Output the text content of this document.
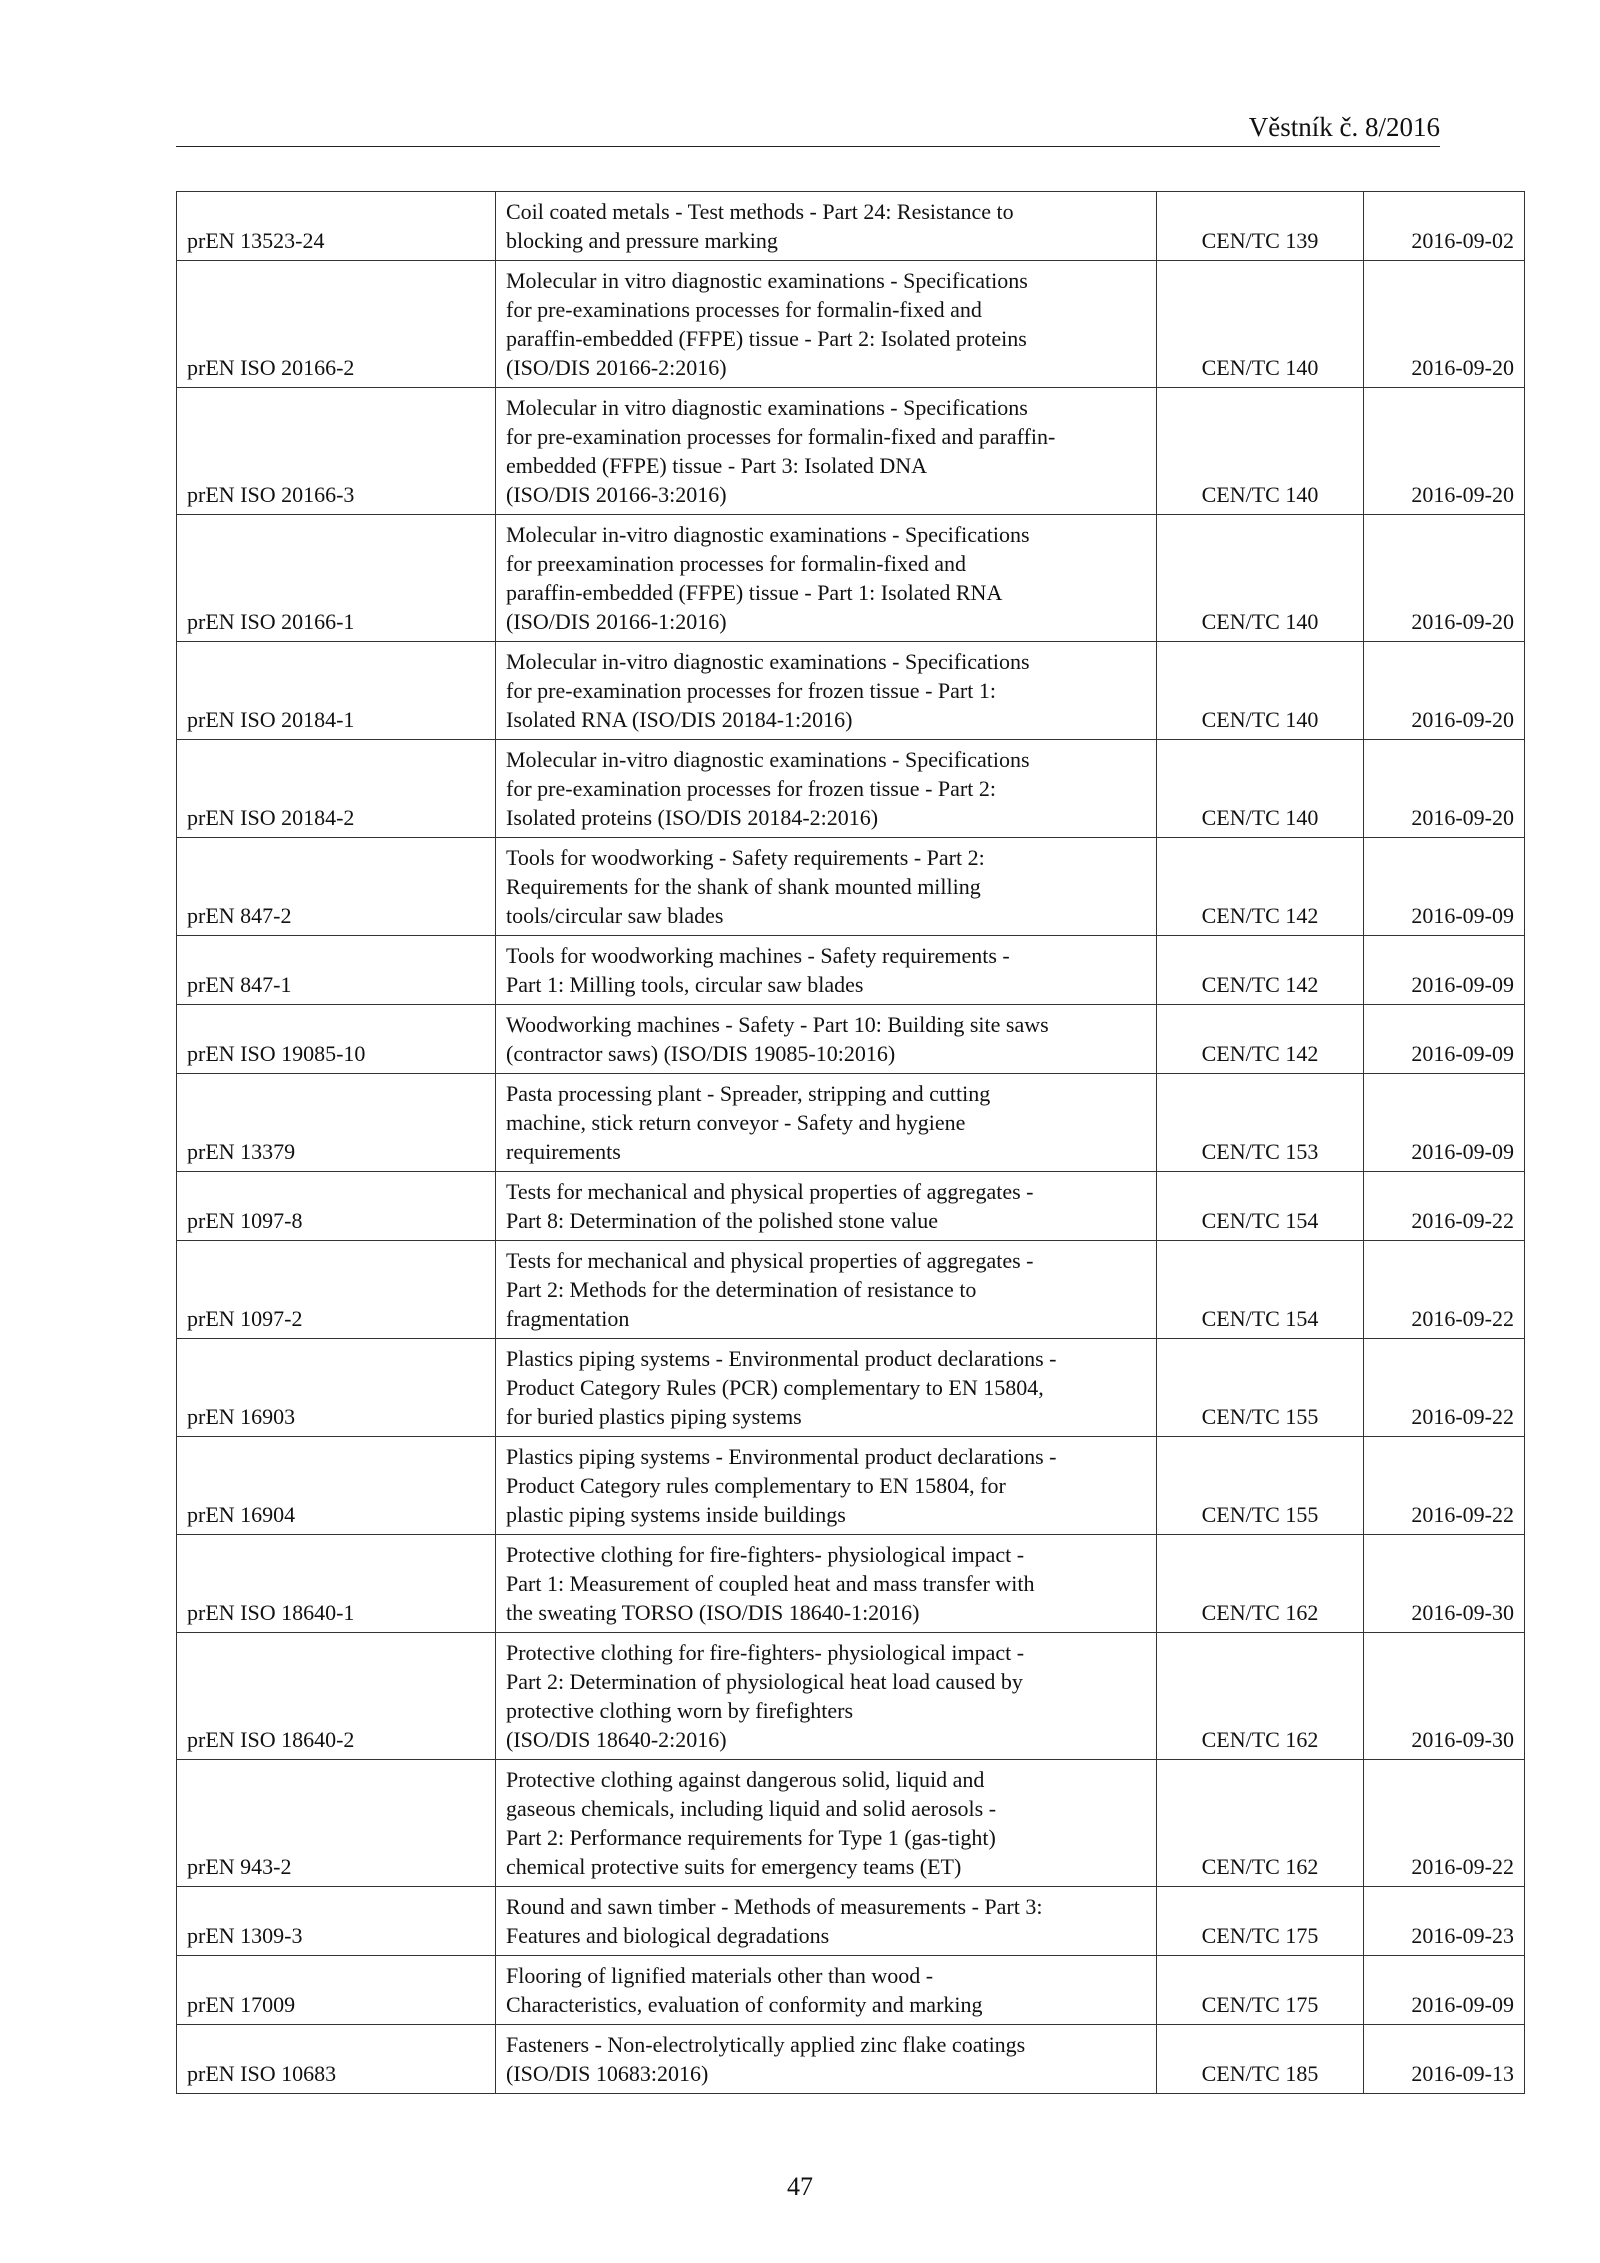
Věstník č. 8/2016
prEN 13523-24	Coil coated metals - Test methods - Part 24: Resistance to
blocking and pressure marking	CEN/TC 139	2016-09-02
prEN ISO 20166-2	Molecular in vitro diagnostic examinations - Specifications
for pre-examinations processes for formalin-fixed and
paraffin-embedded (FFPE) tissue - Part 2: Isolated proteins
(ISO/DIS 20166-2:2016)	CEN/TC 140	2016-09-20
prEN ISO 20166-3	Molecular in vitro diagnostic examinations - Specifications
for pre-examination processes for formalin-fixed and paraffin-
embedded (FFPE) tissue - Part 3: Isolated DNA
(ISO/DIS 20166-3:2016)	CEN/TC 140	2016-09-20
prEN ISO 20166-1	Molecular in-vitro diagnostic examinations - Specifications
for preexamination processes for formalin-fixed and
paraffin-embedded (FFPE) tissue - Part 1: Isolated RNA
(ISO/DIS 20166-1:2016)	CEN/TC 140	2016-09-20
prEN ISO 20184-1	Molecular in-vitro diagnostic examinations - Specifications
for pre-examination processes for frozen tissue - Part 1:
Isolated RNA (ISO/DIS 20184-1:2016)	CEN/TC 140	2016-09-20
prEN ISO 20184-2	Molecular in-vitro diagnostic examinations - Specifications
for pre-examination processes for frozen tissue - Part 2:
Isolated proteins (ISO/DIS 20184-2:2016)	CEN/TC 140	2016-09-20
prEN 847-2	Tools for woodworking - Safety requirements - Part 2:
Requirements for the shank of shank mounted milling
tools/circular saw blades	CEN/TC 142	2016-09-09
prEN 847-1	Tools for woodworking machines - Safety requirements -
Part 1: Milling tools, circular saw blades	CEN/TC 142	2016-09-09
prEN ISO 19085-10	Woodworking machines - Safety - Part 10: Building site saws
(contractor saws) (ISO/DIS 19085-10:2016)	CEN/TC 142	2016-09-09
prEN 13379	Pasta processing plant - Spreader, stripping and cutting
machine, stick return conveyor - Safety and hygiene
requirements	CEN/TC 153	2016-09-09
prEN 1097-8	Tests for mechanical and physical properties of aggregates -
Part 8: Determination of the polished stone value	CEN/TC 154	2016-09-22
prEN 1097-2	Tests for mechanical and physical properties of aggregates -
Part 2: Methods for the determination of resistance to
fragmentation	CEN/TC 154	2016-09-22
prEN 16903	Plastics piping systems - Environmental product declarations -
Product Category Rules (PCR) complementary to EN 15804,
for buried plastics piping systems	CEN/TC 155	2016-09-22
prEN 16904	Plastics piping systems - Environmental product declarations -
Product Category rules complementary to EN 15804, for
plastic piping systems inside buildings	CEN/TC 155	2016-09-22
prEN ISO 18640-1	Protective clothing for fire-fighters- physiological impact -
Part 1: Measurement of coupled heat and mass transfer with
the sweating TORSO (ISO/DIS 18640-1:2016)	CEN/TC 162	2016-09-30
prEN ISO 18640-2	Protective clothing for fire-fighters- physiological impact -
Part 2: Determination of physiological heat load caused by
protective clothing worn by firefighters
(ISO/DIS 18640-2:2016)	CEN/TC 162	2016-09-30
prEN 943-2	Protective clothing against dangerous solid, liquid and
gaseous chemicals, including liquid and solid aerosols -
Part 2: Performance requirements for Type 1 (gas-tight)
chemical protective suits for emergency teams (ET)	CEN/TC 162	2016-09-22
prEN 1309-3	Round and sawn timber - Methods of measurements - Part 3:
Features and biological degradations	CEN/TC 175	2016-09-23
prEN 17009	Flooring of lignified materials other than wood -
Characteristics, evaluation of conformity and marking	CEN/TC 175	2016-09-09
prEN ISO 10683	Fasteners - Non-electrolytically applied zinc flake coatings
(ISO/DIS 10683:2016)	CEN/TC 185	2016-09-13
47
